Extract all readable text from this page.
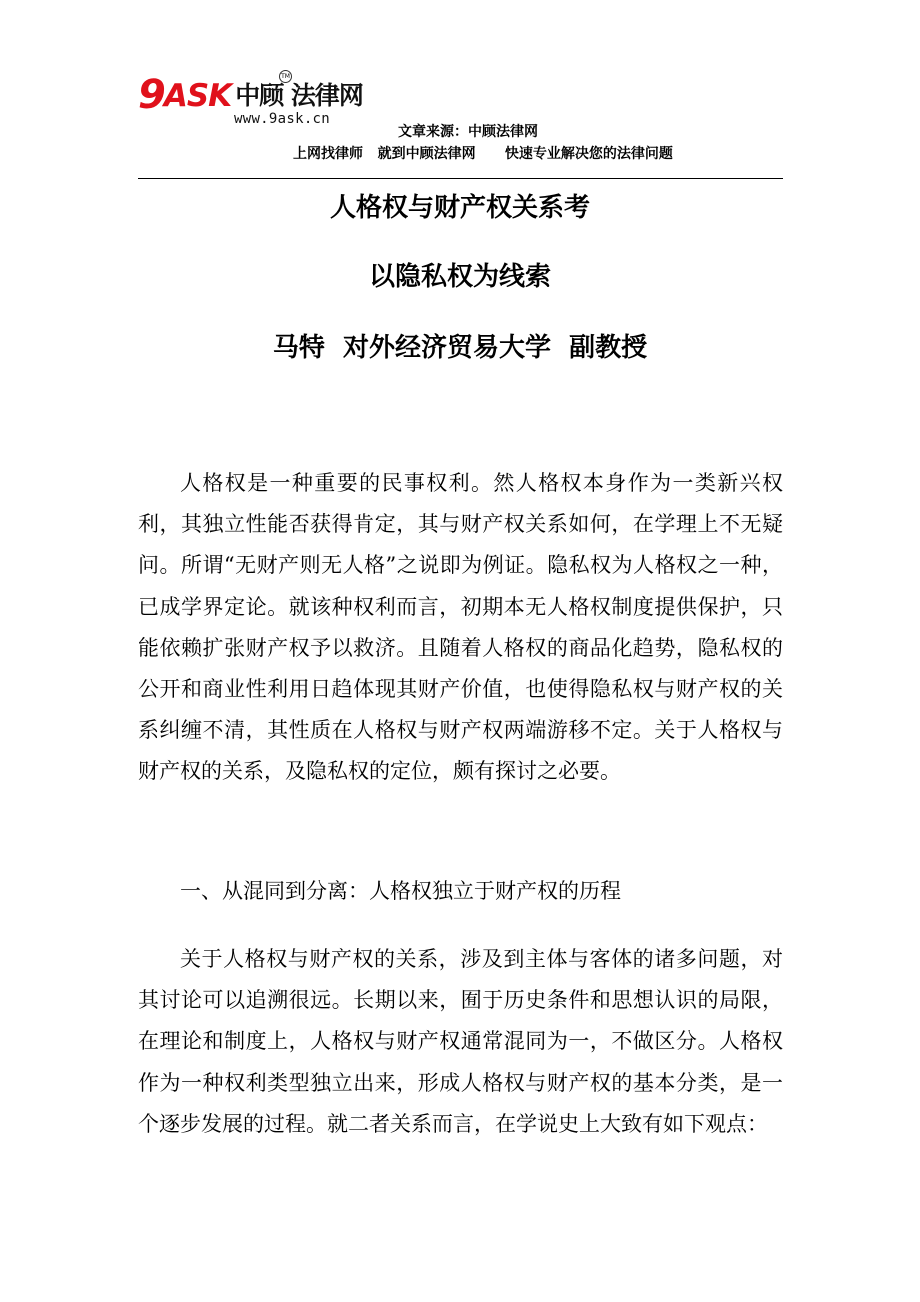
9 ASK 中顾 法律网
TM
www.9ask.cn
文章来源：中顾法律网
上网找律师   就到中顾法律网      快速专业解决您的法律问题
人格权与财产权关系考
以隐私权为线索
马特  对外经济贸易大学  副教授

人格权是一种重要的民事权利。然人格权本身作为一类新兴权利，其独立性能否获得肯定，其与财产权关系如何，在学理上不无疑问。所谓“无财产则无人格”之说即为例证。隐私权为人格权之一种，已成学界定论。就该种权利而言，初期本无人格权制度提供保护，只能依赖扩张财产权予以救济。且随着人格权的商品化趋势，隐私权的公开和商业性利用日趋体现其财产价值，也使得隐私权与财产权的关系纠缠不清，其性质在人格权与财产权两端游移不定。关于人格权与财产权的关系，及隐私权的定位，颇有探讨之必要。

一、从混同到分离：人格权独立于财产权的历程

关于人格权与财产权的关系，涉及到主体与客体的诸多问题，对其讨论可以追溯很远。长期以来，囿于历史条件和思想认识的局限，在理论和制度上，人格权与财产权通常混同为一，不做区分。人格权作为一种权利类型独立出来，形成人格权与财产权的基本分类，是一个逐步发展的过程。就二者关系而言，在学说史上大致有如下观点：
